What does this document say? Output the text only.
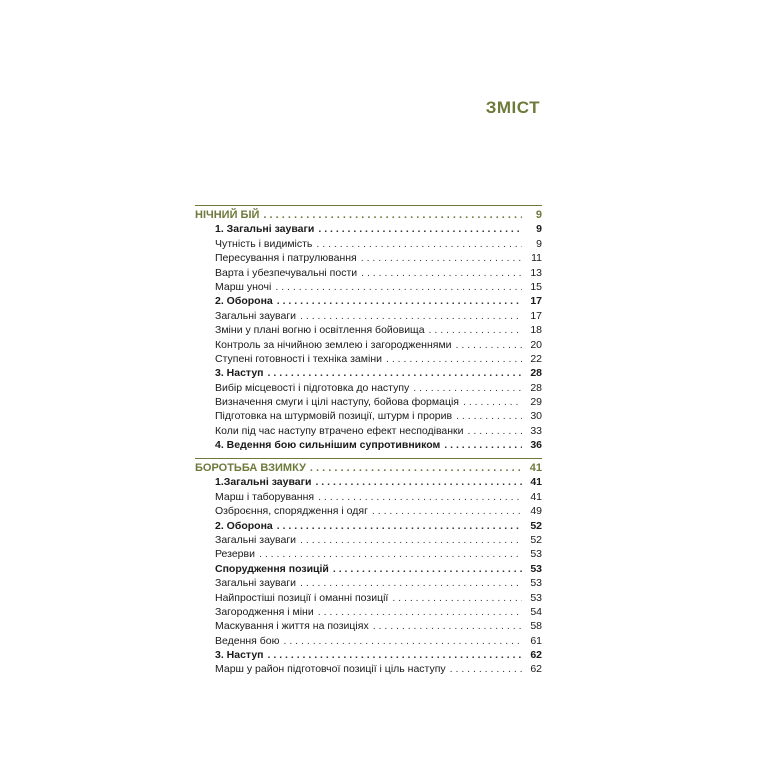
ЗМІСТ
НІЧНИЙ БІЙ . . .	9
1. Загальні зауваги . . .	9
Чутність і видимість . . .	9
Пересування і патрулювання . . .	11
Варта і убезпечувальні пости . . .	13
Марш уночі . . .	15
2. Оборона . . .	17
Загальні зауваги . . .	17
Зміни у плані вогню і освітлення бойовища . . .	18
Контроль за нічийною землею і загородженнями . . .	20
Ступені готовності і техніка заміни . . .	22
3. Наступ . . .	28
Вибір місцевості і підготовка до наступу . . .	28
Визначення смуги і цілі наступу, бойова формація . . .	29
Підготовка на штурмовій позиції, штурм і прорив . . .	30
Коли під час наступу втрачено ефект несподіванки . . .	33
4. Ведення бою сильнішим супротивником . . .	36
БОРОТЬБА ВЗИМКУ . . .	41
1.Загальні зауваги . . .	41
Марш і таборування . . .	41
Озброєння, спорядження і одяг . . .	49
2. Оборона . . .	52
Загальні зауваги . . .	52
Резерви . . .	53
Спорудження позицій . . .	53
Загальні зауваги . . .	53
Найпростіші позиції і оманні позиції . . .	53
Загородження і міни . . .	54
Маскування і життя на позиціях . . .	58
Ведення бою . . .	61
3. Наступ . . .	62
Марш у район підготовчої позиції і ціль наступу . . .	62
